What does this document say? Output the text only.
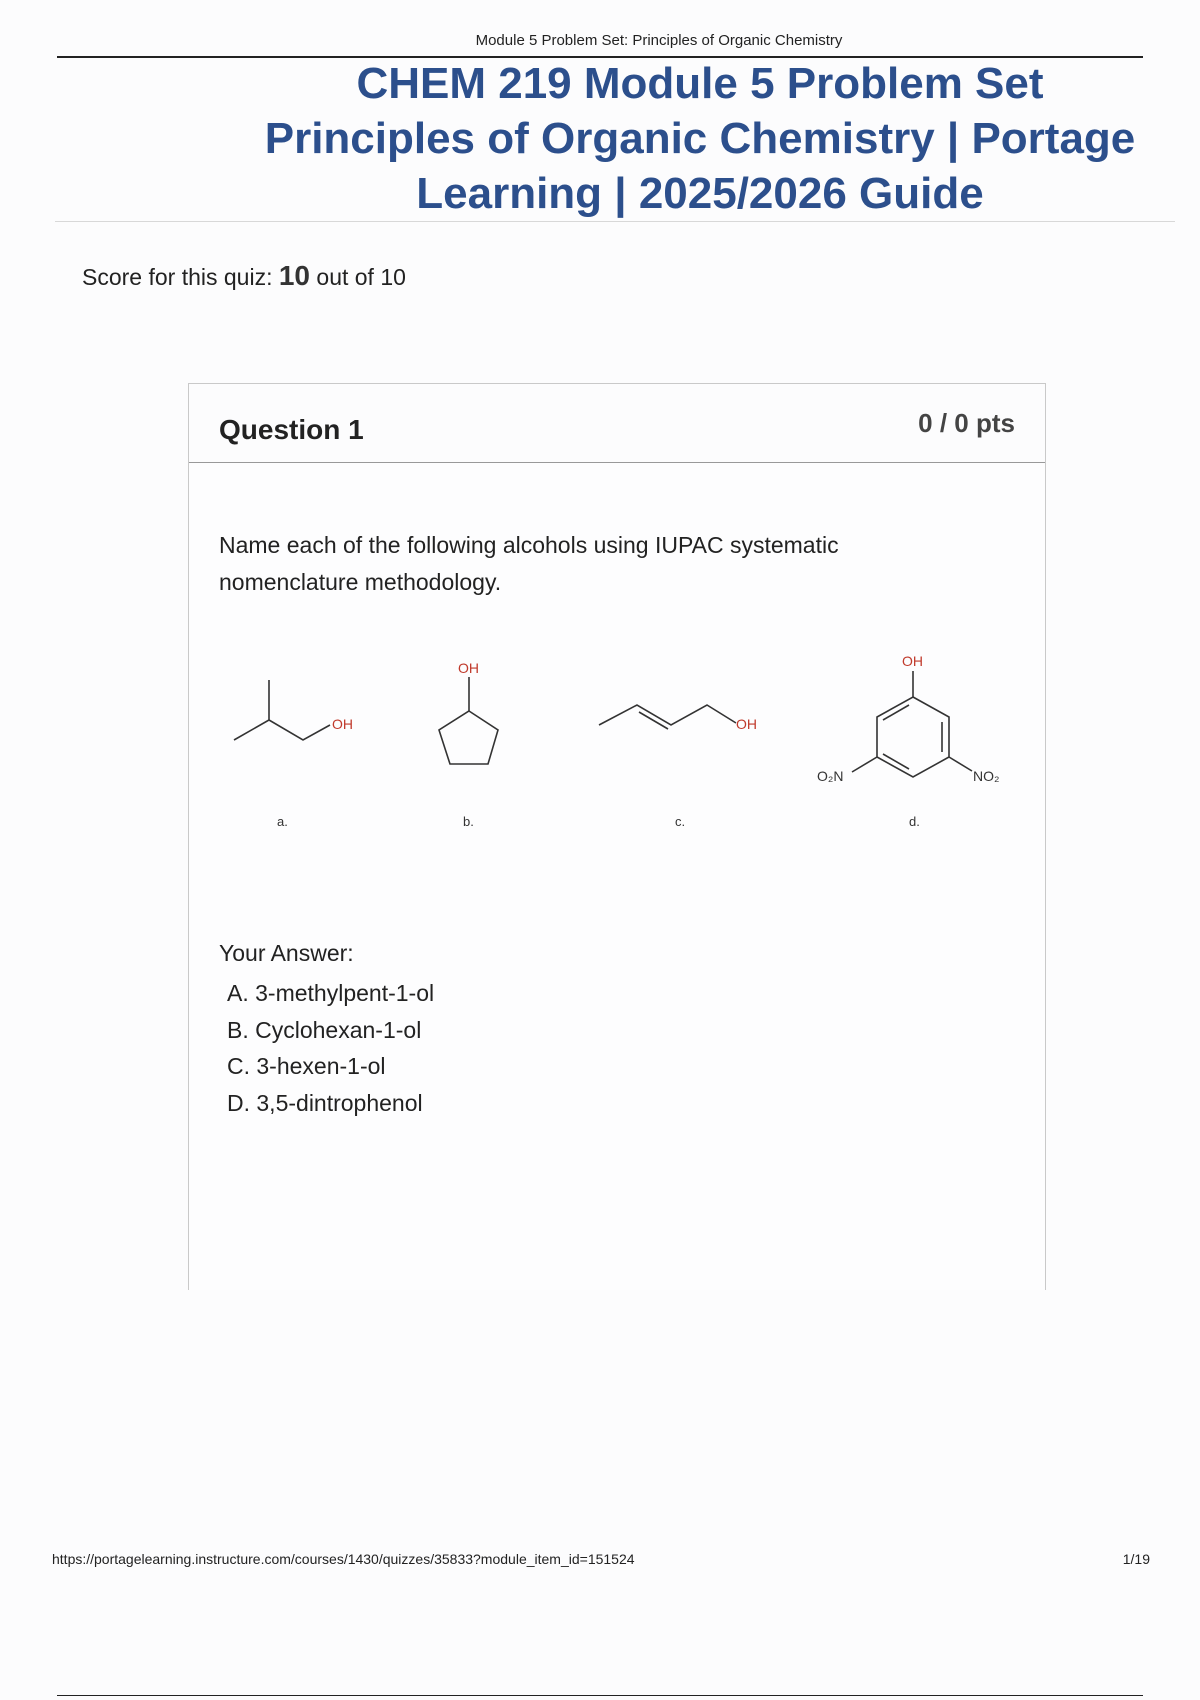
Module 5 Problem Set: Principles of Organic Chemistry
CHEM 219 Module 5 Problem Set
Principles of Organic Chemistry | Portage
Learning | 2025/2026 Guide
Score for this quiz: 10 out of 10
Question 1	0 / 0 pts
Name each of the following alcohols using IUPAC systematic nomenclature methodology.
OH
a.
OH
b.
OH
c.
OH
O₂N	NO₂
d.
Your Answer:
A. 3-methylpent-1-ol
B. Cyclohexan-1-ol
C. 3-hexen-1-ol
D. 3,5-dintrophenol
https://portagelearning.instructure.com/courses/1430/quizzes/35833?module_item_id=151524	1/19
